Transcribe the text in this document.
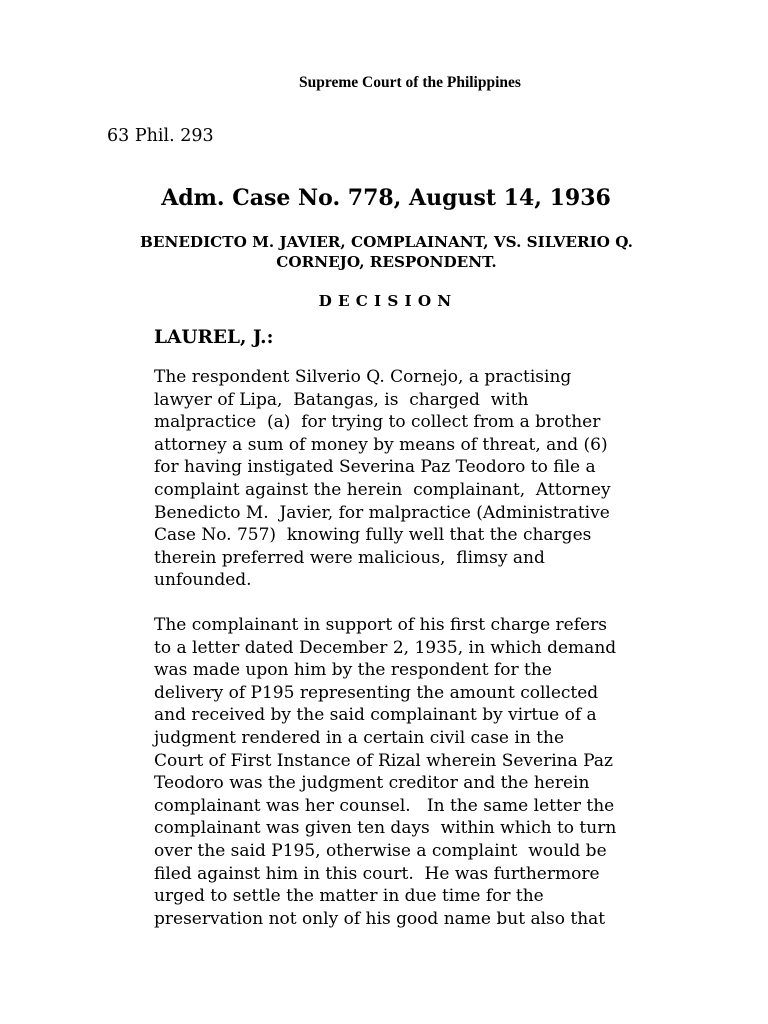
Supreme Court of the Philippines
63 Phil. 293
Adm. Case No. 778, August 14, 1936
BENEDICTO M. JAVIER, COMPLAINANT, VS. SILVERIO Q.
CORNEJO, RESPONDENT.
DECISION
LAUREL, J.:
The respondent Silverio Q. Cornejo, a practising
lawyer of Lipa,  Batangas, is  charged  with
malpractice  (a)  for trying to collect from a brother
attorney a sum of money by means of threat, and (6)
for having instigated Severina Paz Teodoro to file a
complaint against the herein  complainant,  Attorney
Benedicto M.  Javier, for malpractice (Administrative
Case No. 757)  knowing fully well that the charges
therein preferred were malicious,  flimsy and
unfounded.
The complainant in support of his first charge refers
to a letter dated December 2, 1935, in which demand
was made upon him by the respondent for the
delivery of P195 representing the amount collected
and received by the said complainant by virtue of a
judgment rendered in a certain civil case in the
Court of First Instance of Rizal wherein Severina Paz
Teodoro was the judgment creditor and the herein
complainant was her counsel.   In the same letter the
complainant was given ten days  within which to turn
over the said P195, otherwise a complaint  would be
filed against him in this court.  He was furthermore
urged to settle the matter in due time for the
preservation not only of his good name but also that
